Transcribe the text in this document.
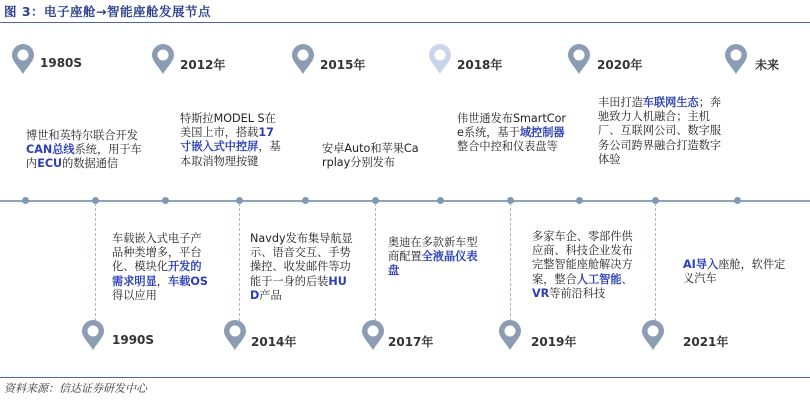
图 3：电子座舱→智能座舱发展节点
1980S
博世和英特尔联合开发CAN总线系统，用于车内ECU的数据通信
2012年
特斯拉MODEL S在美国上市，搭载17寸嵌入式中控屏，基本取消物理按键
2015年
安卓Auto和苹果Carplay分别发布
2018年
伟世通发布SmartCore系统，基于域控制器整合中控和仪表盘等
2020年
丰田打造车联网生态；奔驰致力人机融合；主机厂、互联网公司、数字服务公司跨界融合打造数字体验
未来
1990S
车载嵌入式电子产品种类增多，平台化、模块化开发的需求明显，车载OS得以应用
2014年
Navdy发布集导航显示、语音交互、手势操控、收发邮件等功能于一身的后装HUD产品
2017年
奥迪在多款新车型商配置全液晶仪表盘
2019年
多家车企、零部件供应商、科技企业发布完整智能座舱解决方案，整合人工智能、VR等前沿科技
2021年
AI导入座舱，软件定义汽车
资料来源：信达证券研发中心
